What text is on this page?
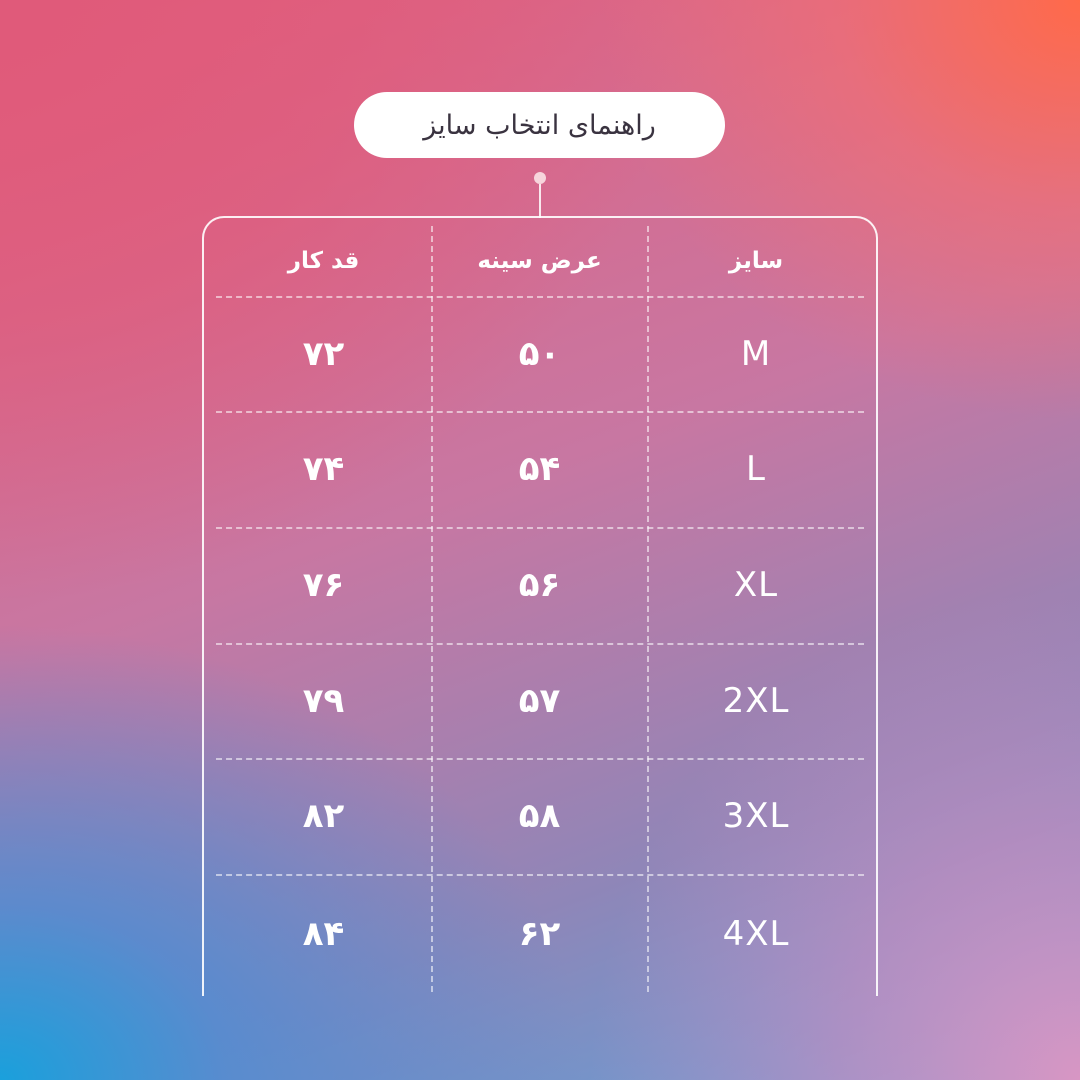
راهنمای انتخاب سایز
سایز
عرض سینه
قد کار
M
۵۰
۷۲
L
۵۴
۷۴
XL
۵۶
۷۶
2XL
۵۷
۷۹
3XL
۵۸
۸۲
4XL
۶۲
۸۴
